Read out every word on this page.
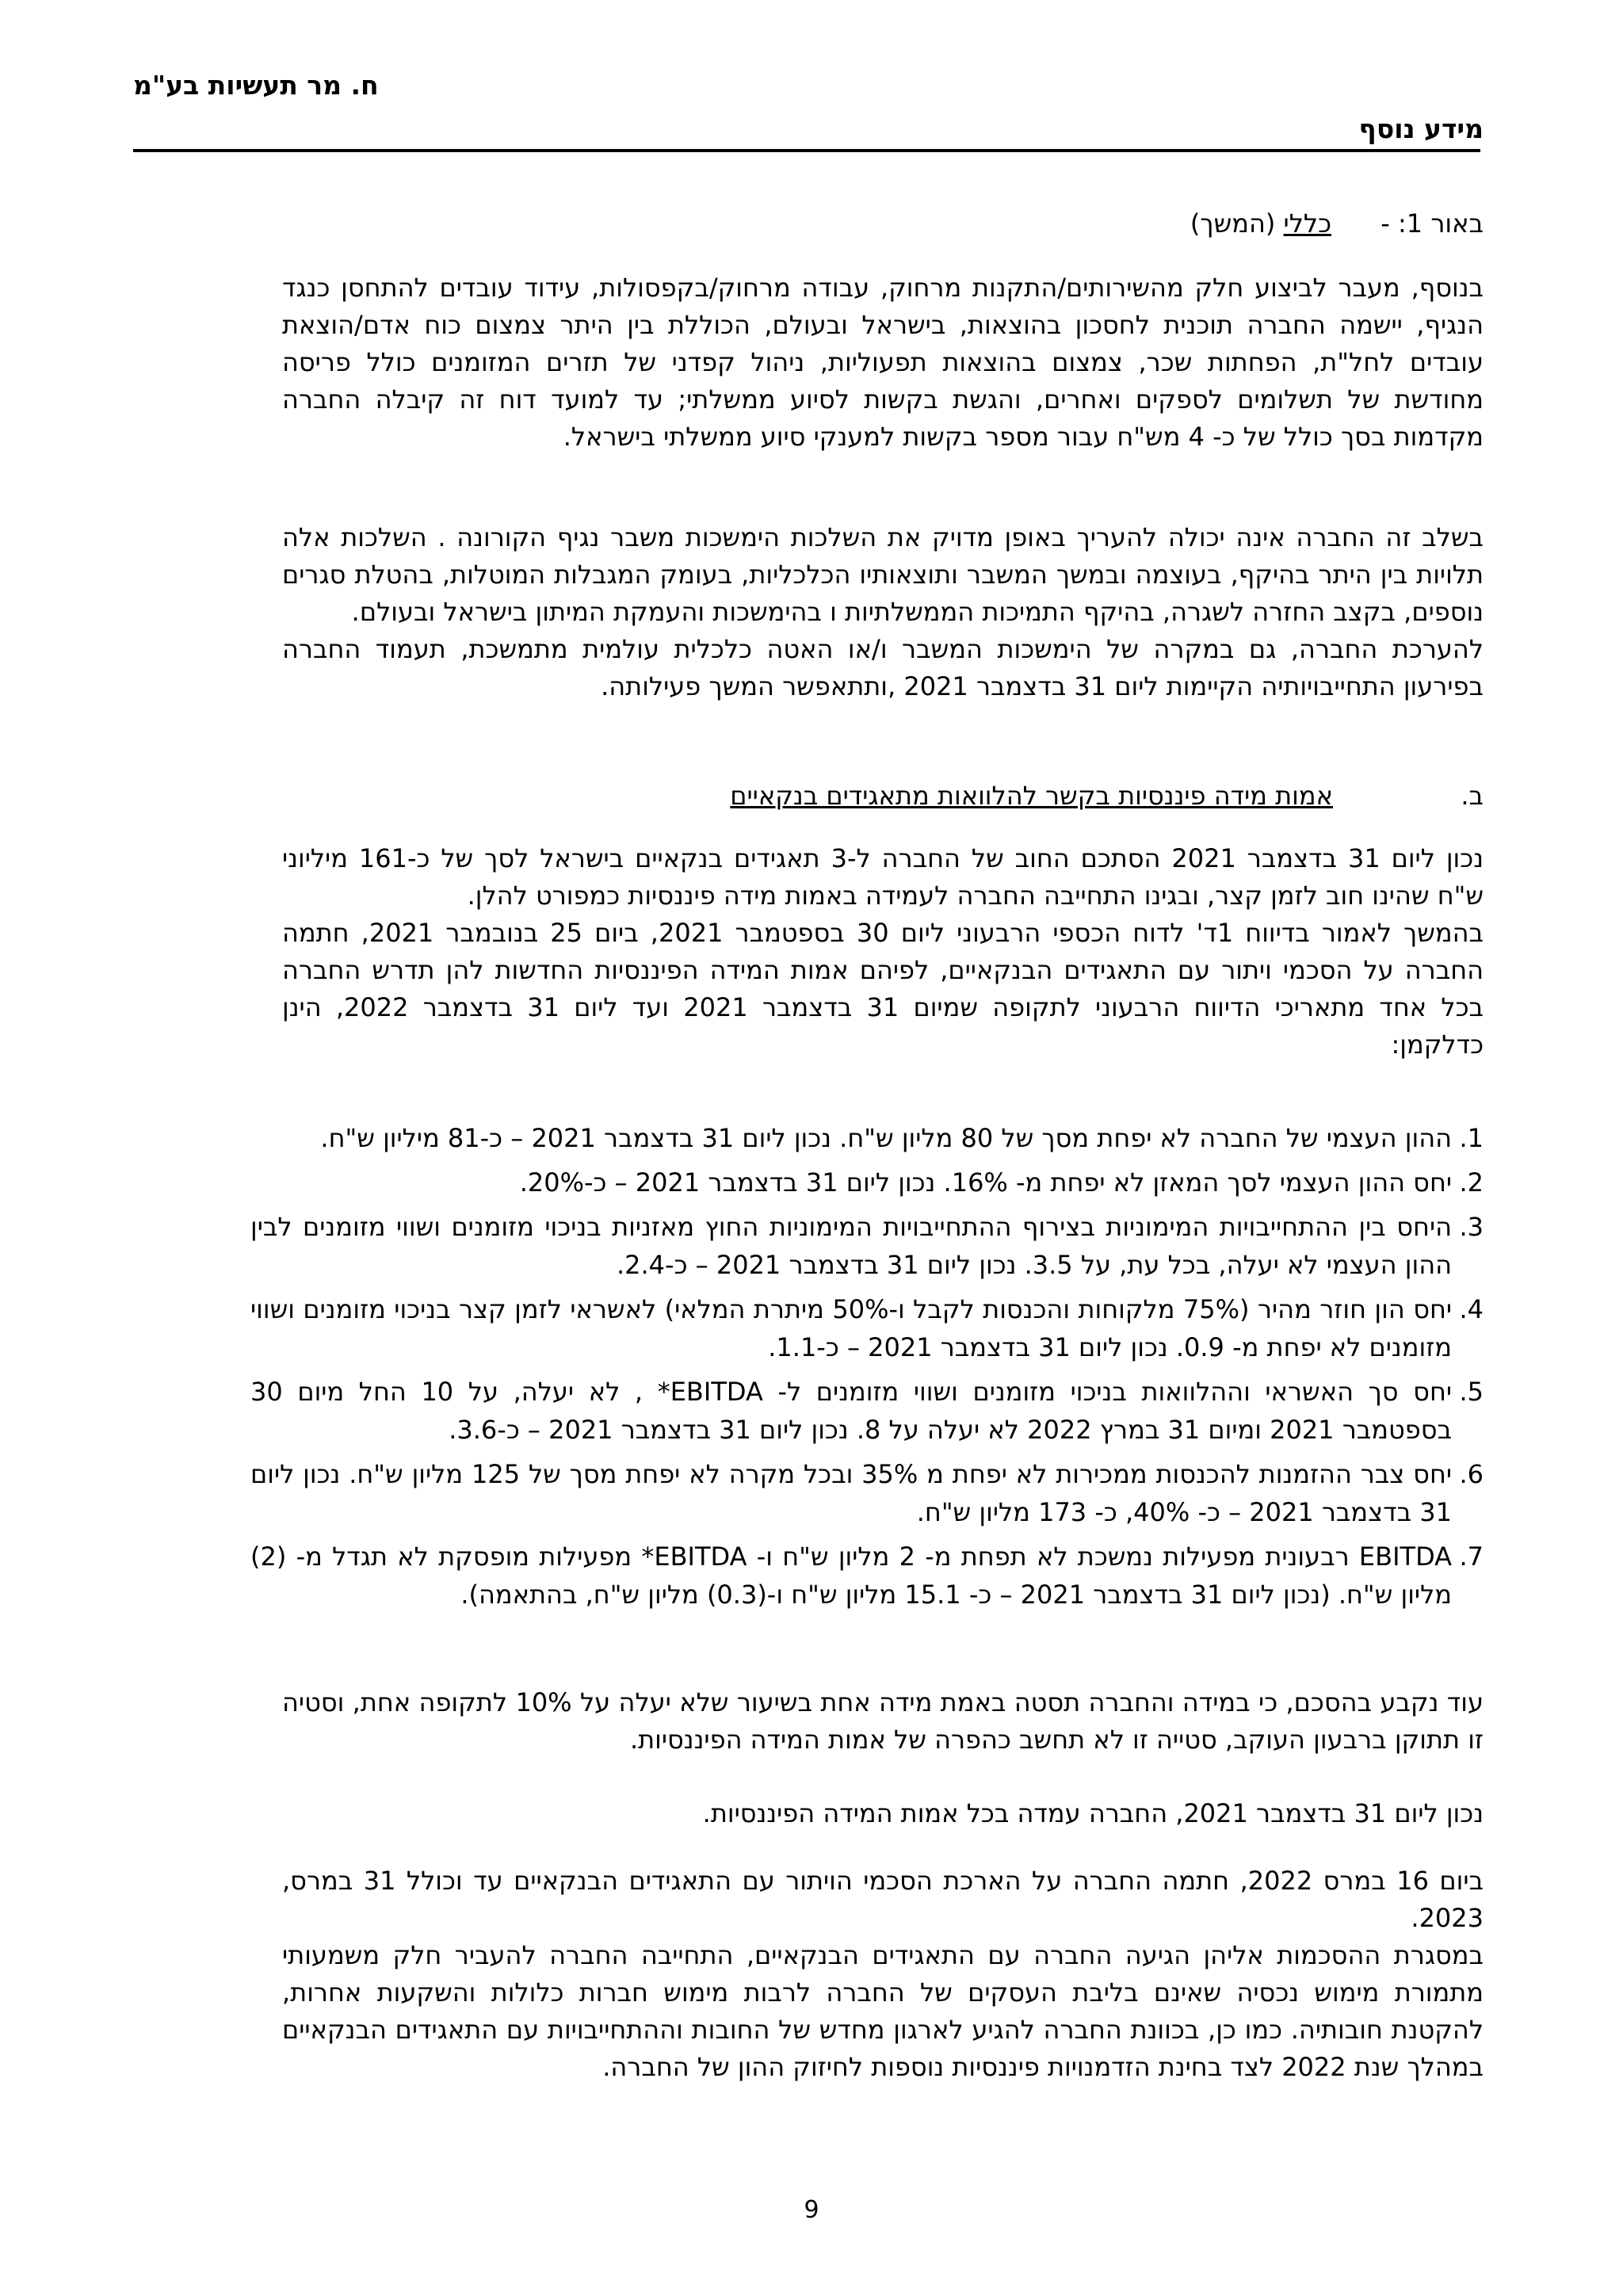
ח. מר תעשיות בע"מ
מידע נוסף
באור 1: -
כללי (המשך)

בנוסף, מעבר לביצוע חלק מהשירותים/התקנות מרחוק, עבודה מרחוק/בקפסולות, עידוד עובדים להתחסן כנגד הנגיף, יישמה החברה תוכנית לחסכון בהוצאות, בישראל ובעולם, הכוללת בין היתר צמצום כוח אדם/הוצאת עובדים לחל"ת, הפחתות שכר, צמצום בהוצאות תפעוליות, ניהול קפדני של תזרים המזומנים כולל פריסה מחודשת של תשלומים לספקים ואחרים, והגשת בקשות לסיוע ממשלתי; עד למועד דוח זה קיבלה החברה מקדמות בסך כולל של כ- 4 מש"ח עבור מספר בקשות למענקי סיוע ממשלתי בישראל.

בשלב זה החברה אינה יכולה להעריך באופן מדויק את השלכות הימשכות משבר נגיף הקורונה . השלכות אלה תלויות בין היתר בהיקף, בעוצמה ובמשך המשבר ותוצאותיו הכלכליות, בעומק המגבלות המוטלות, בהטלת סגרים נוספים, בקצב החזרה לשגרה, בהיקף התמיכות הממשלתיות ו בהימשכות והעמקת המיתון בישראל ובעולם.

להערכת החברה, גם במקרה של הימשכות המשבר ו/או האטה כלכלית עולמית מתמשכת, תעמוד החברה בפירעון התחייבויותיה הקיימות ליום 31 בדצמבר 2021 ,ותתאפשר המשך פעילותה.

ב.
אמות מידה פיננסיות בקשר להלוואות מתאגידים בנקאיים

נכון ליום 31 בדצמבר 2021 הסתכם החוב של החברה ל-3 תאגידים בנקאיים בישראל לסך של כ-161 מיליוני ש"ח שהינו חוב לזמן קצר, ובגינו התחייבה החברה לעמידה באמות מידה פיננסיות כמפורט להלן.

בהמשך לאמור בדיווח 1ד' לדוח הכספי הרבעוני ליום 30 בספטמבר 2021, ביום 25 בנובמבר 2021, חתמה החברה על הסכמי ויתור עם התאגידים הבנקאיים, לפיהם אמות המידה הפיננסיות החדשות להן תדרש החברה בכל אחד מתאריכי הדיווח הרבעוני לתקופה שמיום 31 בדצמבר 2021 ועד ליום 31 בדצמבר 2022, הינן כדלקמן:

1.
ההון העצמי של החברה לא יפחת מסך של 80 מליון ש"ח. נכון ליום 31 בדצמבר 2021 – כ-81 מיליון ש"ח.
2.
יחס ההון העצמי לסך המאזן לא יפחת מ- 16%. נכון ליום 31 בדצמבר 2021 – כ-20%.
3.
היחס בין ההתחייבויות המימוניות בצירוף ההתחייבויות המימוניות החוץ מאזניות בניכוי מזומנים ושווי מזומנים לבין ההון העצמי לא יעלה, בכל עת, על 3.5. נכון ליום 31 בדצמבר 2021 – כ-2.4.
4.
יחס הון חוזר מהיר (75% מלקוחות והכנסות לקבל ו-50% מיתרת המלאי) לאשראי לזמן קצר בניכוי מזומנים ושווי מזומנים לא יפחת מ- 0.9. נכון ליום 31 בדצמבר 2021 – כ-1.1.
5.
יחס סך האשראי וההלוואות בניכוי מזומנים ושווי מזומנים ל- EBITDA* , לא יעלה, על 10 החל מיום 30 בספטמבר 2021 ומיום 31 במרץ 2022 לא יעלה על 8. נכון ליום 31 בדצמבר 2021 – כ-3.6.
6.
יחס צבר ההזמנות להכנסות ממכירות לא יפחת מ 35% ובכל מקרה לא יפחת מסך של 125 מליון ש"ח. נכון ליום 31 בדצמבר 2021 – כ- 40%, כ- 173 מליון ש"ח.
7.
EBITDA רבעונית מפעילות נמשכת לא תפחת מ- 2 מליון ש"ח ו- EBITDA* מפעילות מופסקת לא תגדל מ- (2) מליון ש"ח. (נכון ליום 31 בדצמבר 2021 – כ- 15.1 מליון ש"ח ו-(0.3) מליון ש"ח, בהתאמה).

עוד נקבע בהסכם, כי במידה והחברה תסטה באמת מידה אחת בשיעור שלא יעלה על 10% לתקופה אחת, וסטיה זו תתוקן ברבעון העוקב, סטייה זו לא תחשב כהפרה של אמות המידה הפיננסיות.

נכון ליום 31 בדצמבר 2021, החברה עמדה בכל אמות המידה הפיננסיות.

ביום 16 במרס 2022, חתמה החברה על הארכת הסכמי הויתור עם התאגידים הבנקאיים עד וכולל 31 במרס, 2023.

במסגרת ההסכמות אליהן הגיעה החברה עם התאגידים הבנקאיים, התחייבה החברה להעביר חלק משמעותי מתמורת מימוש נכסיה שאינם בליבת העסקים של החברה לרבות מימוש חברות כלולות והשקעות אחרות, להקטנת חובותיה. כמו כן, בכוונת החברה להגיע לארגון מחדש של החובות וההתחייבויות עם התאגידים הבנקאיים במהלך שנת 2022 לצד בחינת הזדמנויות פיננסיות נוספות לחיזוק ההון של החברה.

9
